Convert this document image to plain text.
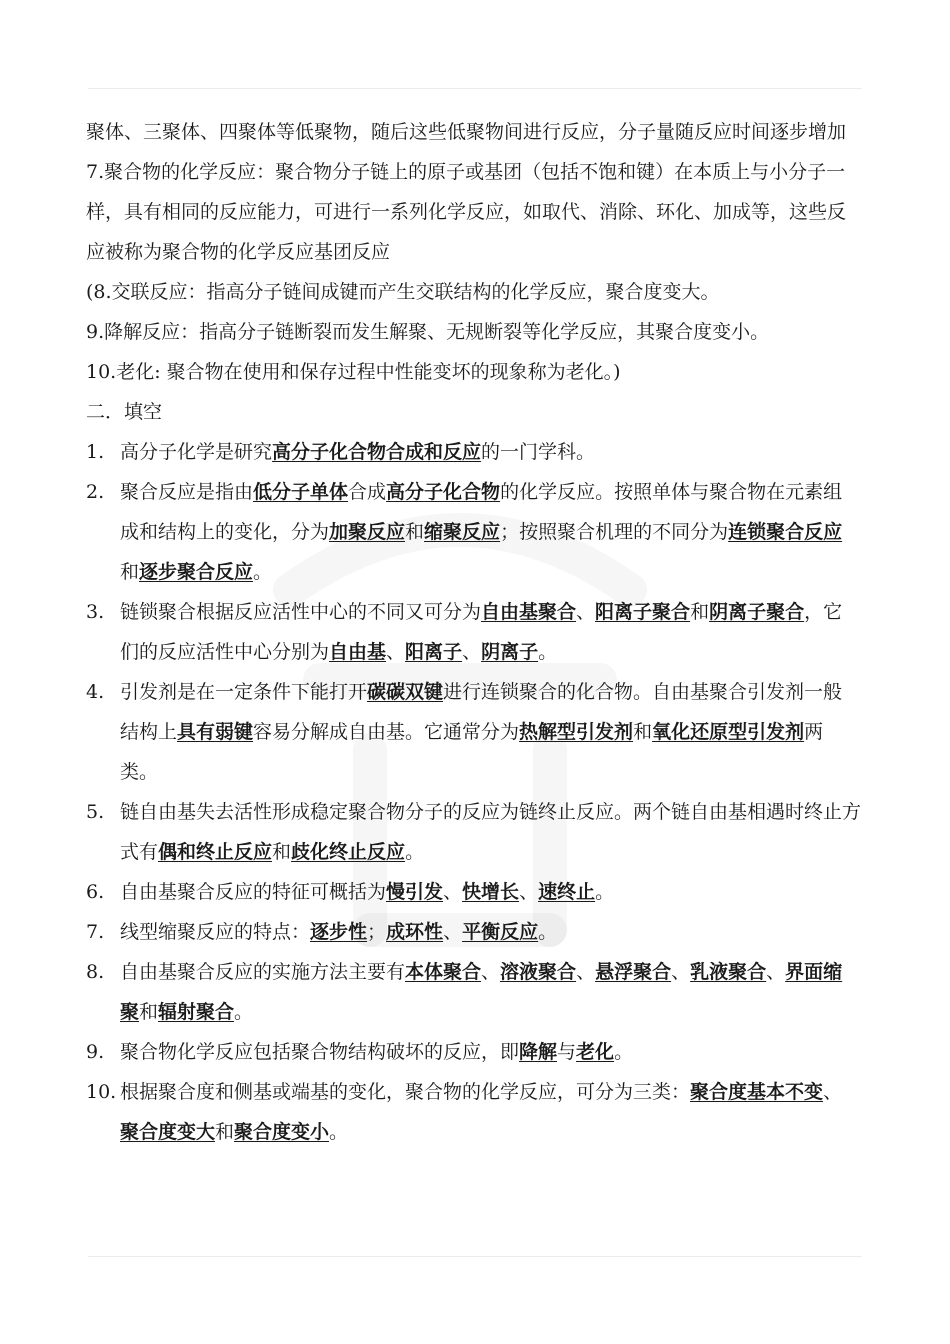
聚体、三聚体、四聚体等低聚物，随后这些低聚物间进行反应，分子量随反应时间逐步增加

7.聚合物的化学反应：聚合物分子链上的原子或基团（包括不饱和键）在本质上与小分子一样，具有相同的反应能力，可进行一系列化学反应，如取代、消除、环化、加成等，这些反应被称为聚合物的化学反应基团反应

(8.交联反应：指高分子链间成键而产生交联结构的化学反应，聚合度变大。

9.降解反应：指高分子链断裂而发生解聚、无规断裂等化学反应，其聚合度变小。

10.老化: 聚合物在使用和保存过程中性能变坏的现象称为老化。)

二．填空

1. 高分子化学是研究高分子化合物合成和反应的一门学科。

2. 聚合反应是指由低分子单体合成高分子化合物的化学反应。按照单体与聚合物在元素组成和结构上的变化，分为加聚反应和缩聚反应；按照聚合机理的不同分为连锁聚合反应和逐步聚合反应。

3. 链锁聚合根据反应活性中心的不同又可分为自由基聚合、阳离子聚合和阴离子聚合，它们的反应活性中心分别为自由基、阳离子、阴离子。

4. 引发剂是在一定条件下能打开碳碳双键进行连锁聚合的化合物。自由基聚合引发剂一般结构上具有弱键容易分解成自由基。它通常分为热解型引发剂和氧化还原型引发剂两类。

5. 链自由基失去活性形成稳定聚合物分子的反应为链终止反应。两个链自由基相遇时终止方式有偶和终止反应和歧化终止反应。

6. 自由基聚合反应的特征可概括为慢引发、快增长、速终止。

7. 线型缩聚反应的特点：逐步性；成环性、平衡反应。

8. 自由基聚合反应的实施方法主要有本体聚合、溶液聚合、悬浮聚合、乳液聚合、界面缩聚和辐射聚合。

9. 聚合物化学反应包括聚合物结构破坏的反应，即降解与老化。

10. 根据聚合度和侧基或端基的变化，聚合物的化学反应，可分为三类：聚合度基本不变、聚合度变大和聚合度变小。
